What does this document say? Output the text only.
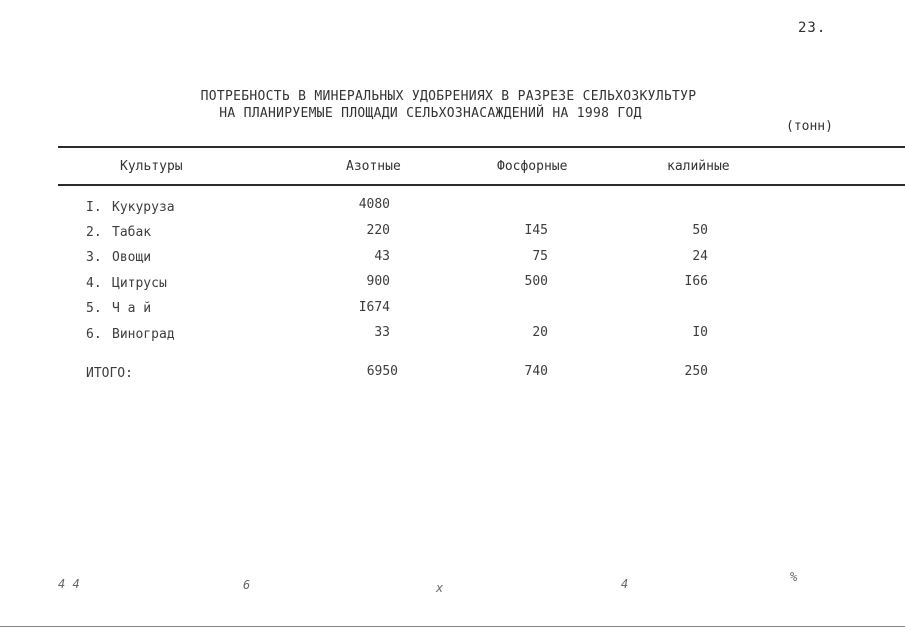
23.
ПОТРЕБНОСТЬ В МИНЕРАЛЬНЫХ УДОБРЕНИЯХ В РАЗРЕЗЕ СЕЛЬХОЗКУЛЬТУР
НА ПЛАНИРУЕМЫЕ ПЛОЩАДИ СЕЛЬХОЗНАСАЖДЕНИЙ НА 1998 ГОД
(тонн)
Культуры	Азотные	Фосфорные	калийные
I. Кукуруза	4080
2. Табак	220	I45	50
3. Овощи	43	75	24
4. Цитрусы	900	500	I66
5. Ч а й	I674
6. Виноград	33	20	I0
ИТОГО:	6950	740	250
4 4	6	x	4	%
